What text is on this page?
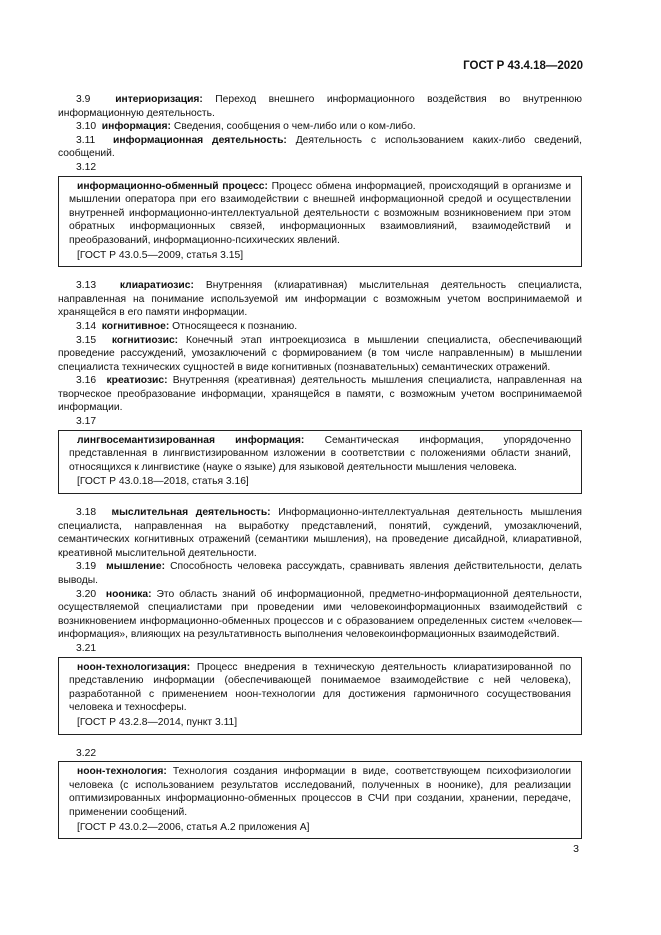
ГОСТ Р 43.4.18—2020

3.9 интериоризация: Переход внешнего информационного воздействия во внутреннюю информационную деятельность.

3.10 информация: Сведения, сообщения о чем-либо или о ком-либо.

3.11 информационная деятельность: Деятельность с использованием каких-либо сведений, сообщений.

3.12

информационно-обменный процесс: Процесс обмена информацией, происходящий в организме и мышлении оператора при его взаимодействии с внешней информационной средой и осуществлении внутренней информационно-интеллектуальной деятельности с возможным возникновением при этом обратных информационных связей, информационных взаимовлияний, взаимодействий и преобразований, информационно-психических явлений.

[ГОСТ Р 43.0.5—2009, статья 3.15]

3.13 клиаратиозис: Внутренняя (клиаративная) мыслительная деятельность специалиста, направленная на понимание используемой им информации с возможным учетом воспринимаемой и хранящейся в его памяти информации.

3.14 когнитивное: Относящееся к познанию.

3.15 когнитиозис: Конечный этап интроекциозиса в мышлении специалиста, обеспечивающий проведение рассуждений, умозаключений с формированием (в том числе направленным) в мышлении специалиста технических сущностей в виде когнитивных (познавательных) семантических отражений.

3.16 креатиозис: Внутренняя (креативная) деятельность мышления специалиста, направленная на творческое преобразование информации, хранящейся в памяти, с возможным учетом воспринимаемой информации.

3.17

лингвосемантизированная информация: Семантическая информация, упорядоченно представленная в лингвистизированном изложении в соответствии с положениями области знаний, относящихся к лингвистике (науке о языке) для языковой деятельности мышления человека.

[ГОСТ Р 43.0.18—2018, статья 3.16]

3.18 мыслительная деятельность: Информационно-интеллектуальная деятельность мышления специалиста, направленная на выработку представлений, понятий, суждений, умозаключений, семантических когнитивных отражений (семантики мышления), на проведение дисайдной, клиаративной, креативной мыслительной деятельности.

3.19 мышление: Способность человека рассуждать, сравнивать явления действительности, делать выводы.

3.20 нооника: Это область знаний об информационной, предметно-информационной деятельности, осуществляемой специалистами при проведении ими человекоинформационных взаимодействий с возникновением информационно-обменных процессов и с образованием определенных систем «человек—информация», влияющих на результативность выполнения человекоинформационных взаимодействий.

3.21

ноон-технологизация: Процесс внедрения в техническую деятельность клиаратизированной по представлению информации (обеспечивающей понимаемое взаимодействие с ней человека), разработанной с применением ноон-технологии для достижения гармоничного сосуществования человека и техносферы.

[ГОСТ Р 43.2.8—2014, пункт 3.11]

3.22

ноон-технология: Технология создания информации в виде, соответствующем психофизиологии человека (с использованием результатов исследований, полученных в ноонике), для реализации оптимизированных информационно-обменных процессов в СЧИ при создании, хранении, передаче, применении сообщений.

[ГОСТ Р 43.0.2—2006, статья А.2 приложения А]

3
